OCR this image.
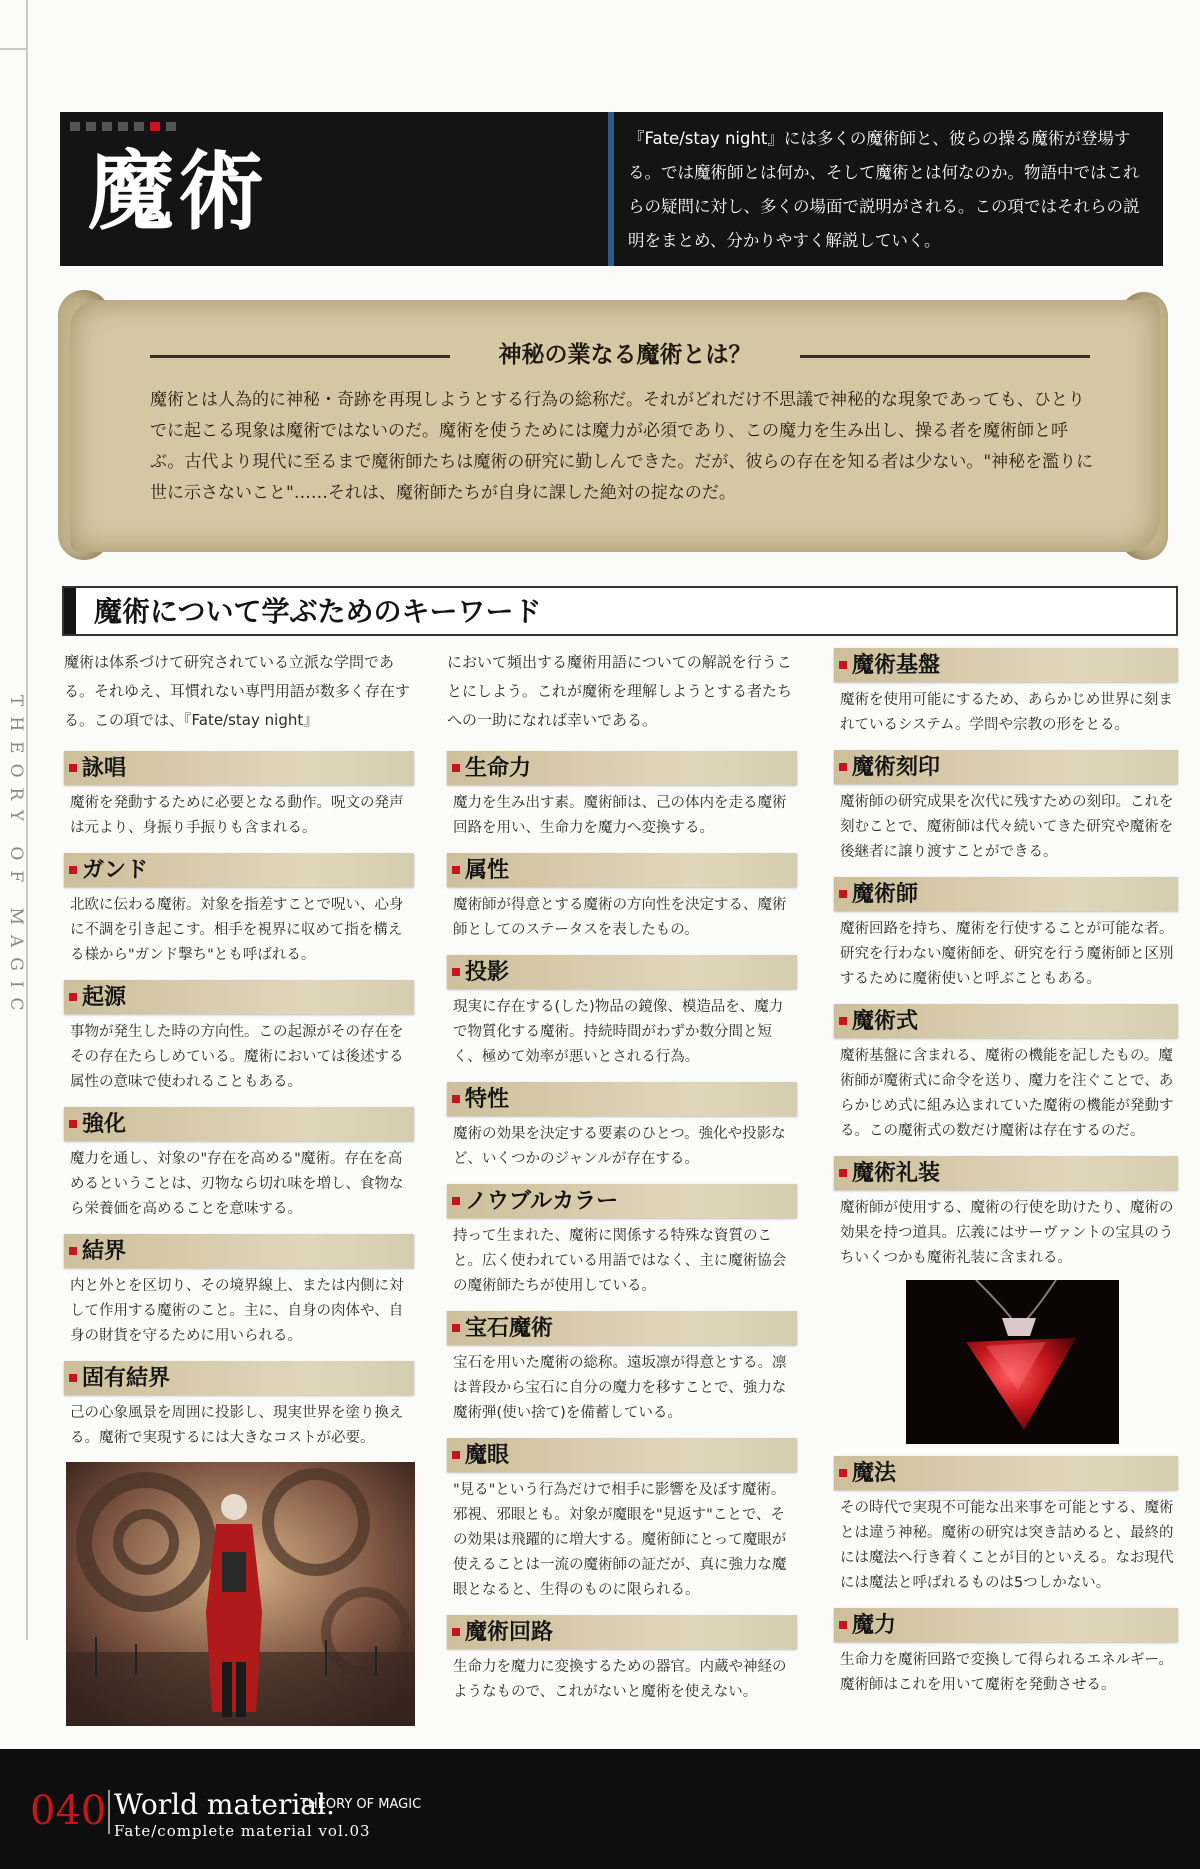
THEORY OF MAGIC
魔術
『Fate/stay night』には多くの魔術師と、彼らの操る魔術が登場する。では魔術師とは何か、そして魔術とは何なのか。物語中ではこれらの疑問に対し、多くの場面で説明がされる。この項ではそれらの説明をまとめ、分かりやすく解説していく。
神秘の業なる魔術とは？
魔術とは人為的に神秘・奇跡を再現しようとする行為の総称だ。それがどれだけ不思議で神秘的な現象であっても、ひとりでに起こる現象は魔術ではないのだ。魔術を使うためには魔力が必須であり、この魔力を生み出し、操る者を魔術師と呼ぶ。古代より現代に至るまで魔術師たちは魔術の研究に勤しんできた。だが、彼らの存在を知る者は少ない。"神秘を濫りに世に示さないこと"……それは、魔術師たちが自身に課した絶対の掟なのだ。
魔術について学ぶためのキーワード

魔術は体系づけて研究されている立派な学問である。それゆえ、耳慣れない専門用語が数多く存在する。この項では、『Fate/stay night』

詠唱

魔術を発動するために必要となる動作。呪文の発声は元より、身振り手振りも含まれる。

ガンド

北欧に伝わる魔術。対象を指差すことで呪い、心身に不調を引き起こす。相手を視界に収めて指を構える様から"ガンド撃ち"とも呼ばれる。

起源

事物が発生した時の方向性。この起源がその存在をその存在たらしめている。魔術においては後述する属性の意味で使われることもある。

強化

魔力を通し、対象の"存在を高める"魔術。存在を高めるということは、刃物なら切れ味を増し、食物なら栄養価を高めることを意味する。

結界

内と外とを区切り、その境界線上、または内側に対して作用する魔術のこと。主に、自身の肉体や、自身の財貨を守るために用いられる。

固有結界

己の心象風景を周囲に投影し、現実世界を塗り換える。魔術で実現するには大きなコストが必要。

において頻出する魔術用語についての解説を行うことにしよう。これが魔術を理解しようとする者たちへの一助になれば幸いである。

生命力

魔力を生み出す素。魔術師は、己の体内を走る魔術回路を用い、生命力を魔力へ変換する。

属性

魔術師が得意とする魔術の方向性を決定する、魔術師としてのステータスを表したもの。

投影

現実に存在する(した)物品の鏡像、模造品を、魔力で物質化する魔術。持続時間がわずか数分間と短く、極めて効率が悪いとされる行為。

特性

魔術の効果を決定する要素のひとつ。強化や投影など、いくつかのジャンルが存在する。

ノウブルカラー

持って生まれた、魔術に関係する特殊な資質のこと。広く使われている用語ではなく、主に魔術協会の魔術師たちが使用している。

宝石魔術

宝石を用いた魔術の総称。遠坂凛が得意とする。凛は普段から宝石に自分の魔力を移すことで、強力な魔術弾(使い捨て)を備蓄している。

魔眼

"見る"という行為だけで相手に影響を及ぼす魔術。邪視、邪眼とも。対象が魔眼を"見返す"ことで、その効果は飛躍的に増大する。魔術師にとって魔眼が使えることは一流の魔術師の証だが、真に強力な魔眼となると、生得のものに限られる。

魔術回路

生命力を魔力に変換するための器官。内蔵や神経のようなもので、これがないと魔術を使えない。

魔術基盤

魔術を使用可能にするため、あらかじめ世界に刻まれているシステム。学問や宗教の形をとる。

魔術刻印

魔術師の研究成果を次代に残すための刻印。これを刻むことで、魔術師は代々続いてきた研究や魔術を後継者に譲り渡すことができる。

魔術師

魔術回路を持ち、魔術を行使することが可能な者。研究を行わない魔術師を、研究を行う魔術師と区別するために魔術使いと呼ぶこともある。

魔術式

魔術基盤に含まれる、魔術の機能を記したもの。魔術師が魔術式に命令を送り、魔力を注ぐことで、あらかじめ式に組み込まれていた魔術の機能が発動する。この魔術式の数だけ魔術は存在するのだ。

魔術礼装

魔術師が使用する、魔術の行使を助けたり、魔術の効果を持つ道具。広義にはサーヴァントの宝具のうちいくつかも魔術礼装に含まれる。

魔法

その時代で実現不可能な出来事を可能とする、魔術とは違う神秘。魔術の研究は突き詰めると、最終的には魔法へ行き着くことが目的といえる。なお現代には魔法と呼ばれるものは5つしかない。

魔力

生命力を魔術回路で変換して得られるエネルギー。魔術師はこれを用いて魔術を発動させる。

040 World material.
THEORY OF MAGIC
Fate/complete material vol.03
